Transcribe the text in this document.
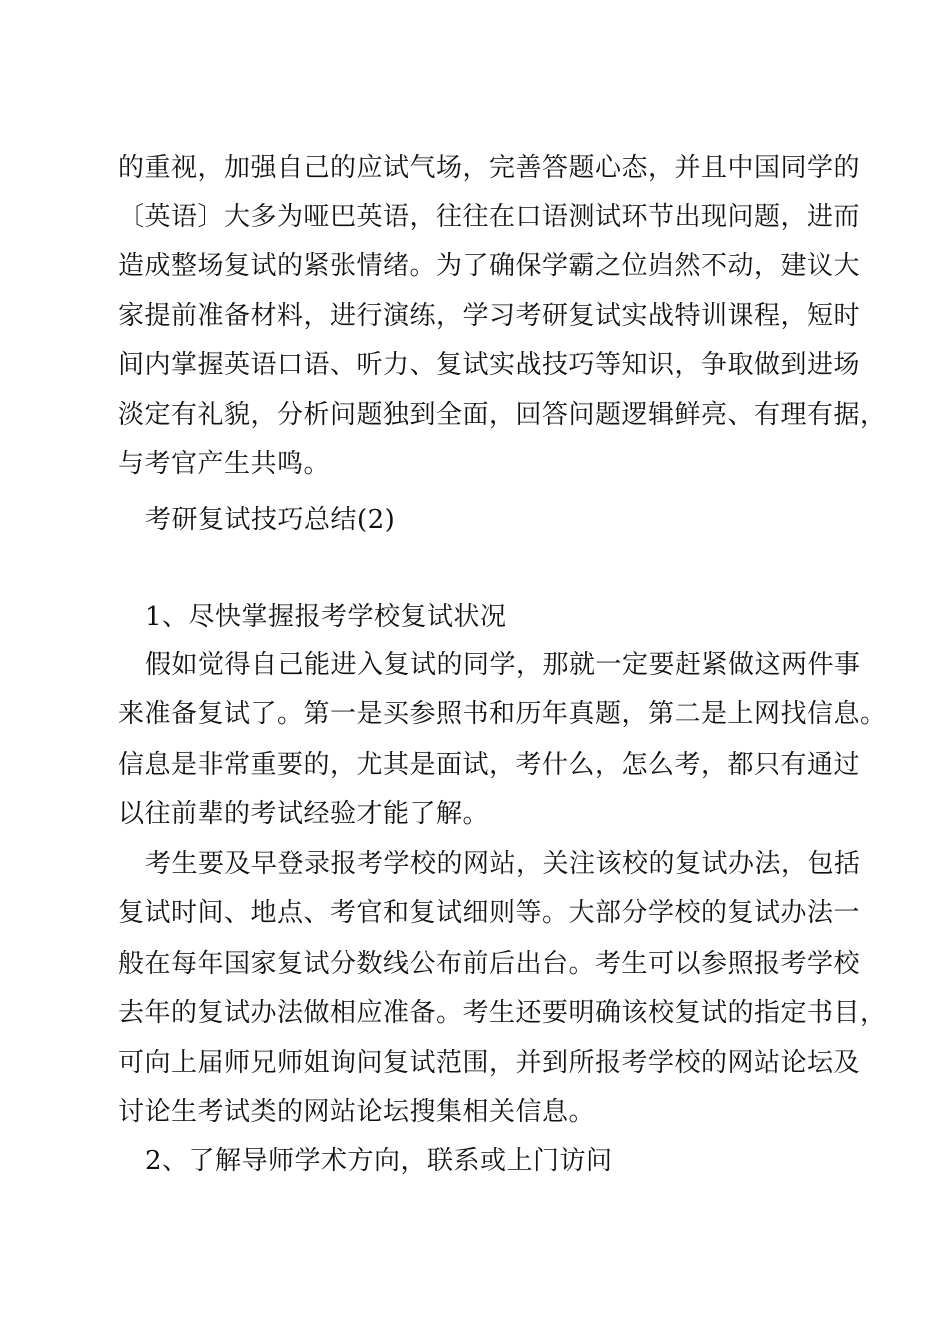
的重视，加强自己的应试气场，完善答题心态，并且中国同学的
〔英语〕大多为哑巴英语，往往在口语测试环节出现问题，进而
造成整场复试的紧张情绪。为了确保学霸之位岿然不动，建议大
家提前准备材料，进行演练，学习考研复试实战特训课程，短时
间内掌握英语口语、听力、复试实战技巧等知识，争取做到进场
淡定有礼貌，分析问题独到全面，回答问题逻辑鲜亮、有理有据，
与考官产生共鸣。
考研复试技巧总结(2)
1、尽快掌握报考学校复试状况
假如觉得自己能进入复试的同学，那就一定要赶紧做这两件事
来准备复试了。第一是买参照书和历年真题，第二是上网找信息。
信息是非常重要的，尤其是面试，考什么，怎么考，都只有通过
以往前辈的考试经验才能了解。
考生要及早登录报考学校的网站，关注该校的复试办法，包括
复试时间、地点、考官和复试细则等。大部分学校的复试办法一
般在每年国家复试分数线公布前后出台。考生可以参照报考学校
去年的复试办法做相应准备。考生还要明确该校复试的指定书目，
可向上届师兄师姐询问复试范围，并到所报考学校的网站论坛及
讨论生考试类的网站论坛搜集相关信息。
2、了解导师学术方向，联系或上门访问
